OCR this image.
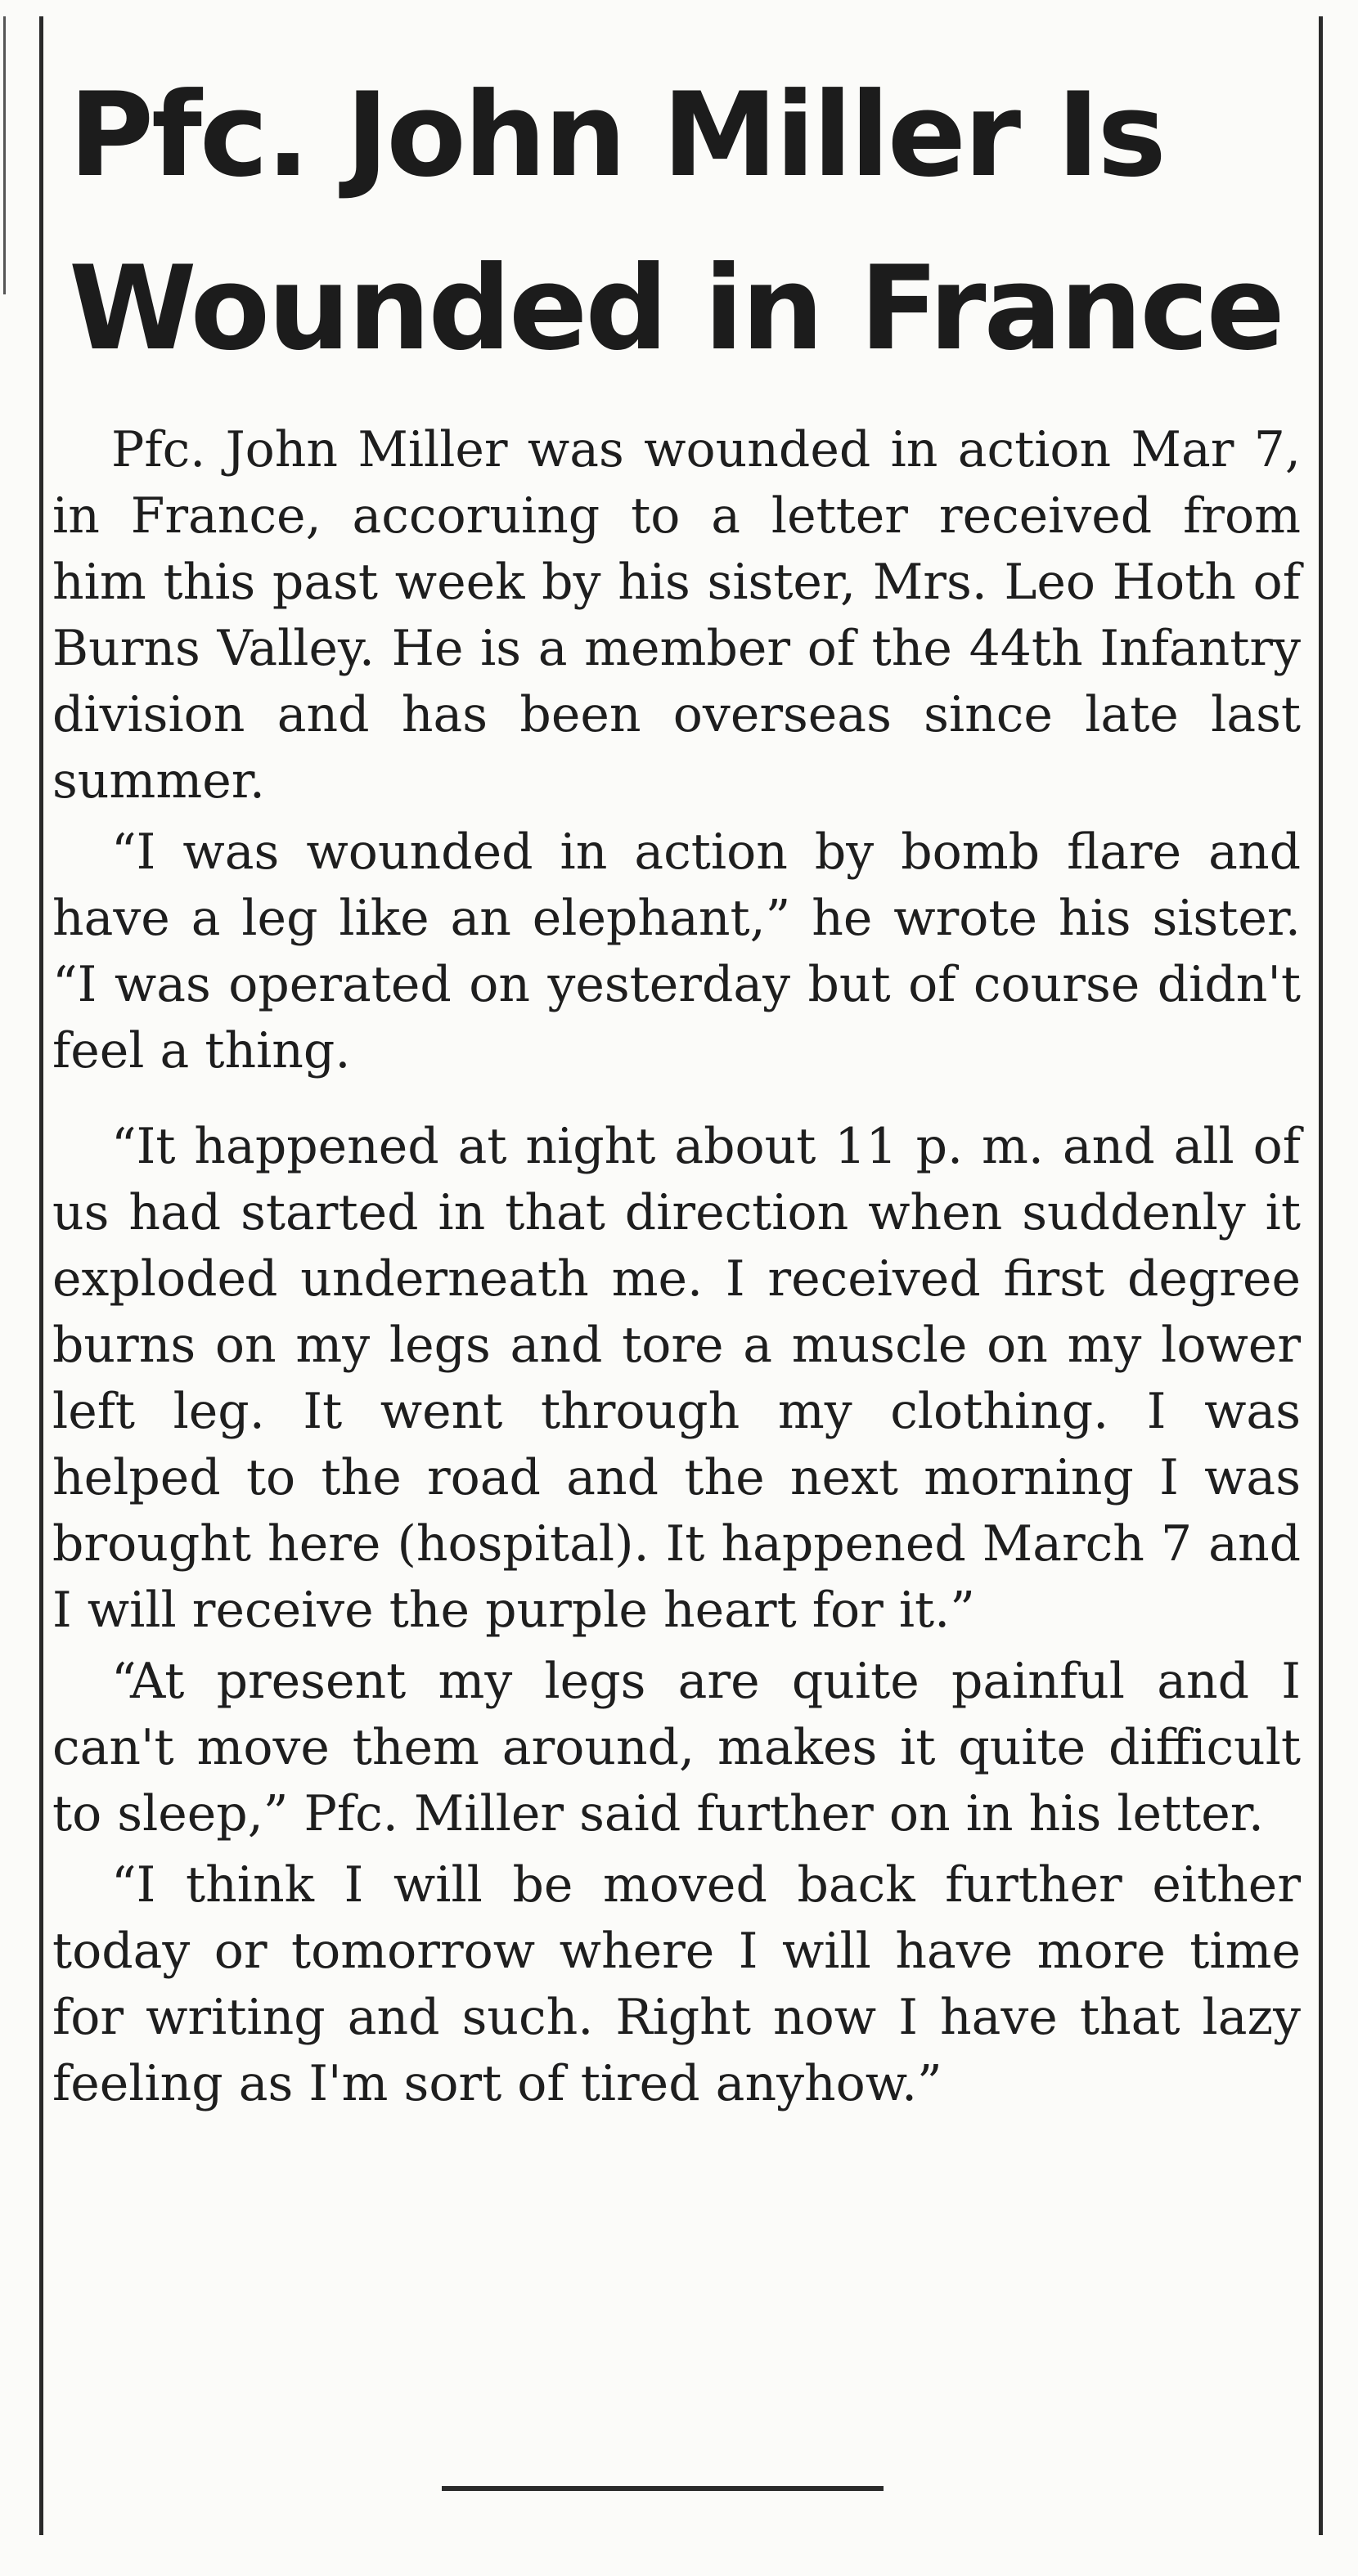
Pfc. John Miller Is
Wounded in France

Pfc. John Miller was wounded in action Mar 7, in France, accoruing to a letter received from him this past week by his sister, Mrs. Leo Hoth of Burns Valley. He is a member of the 44th Infantry division and has been overseas since late last summer.

“I was wounded in action by bomb flare and have a leg like an elephant,” he wrote his sister. “I was operated on yesterday but of course didn't feel a thing.

“It happened at night about 11 p. m. and all of us had started in that direction when suddenly it exploded underneath me. I received first degree burns on my legs and tore a muscle on my lower left leg. It went through my clothing. I was helped to the road and the next morning I was brought here (hospital). It happened March 7 and I will receive the purple heart for it.”

“At present my legs are quite painful and I can't move them around, makes it quite difficult to sleep,” Pfc. Miller said further on in his letter.

“I think I will be moved back further either today or tomorrow where I will have more time for writing and such. Right now I have that lazy feeling as I'm sort of tired anyhow.”
